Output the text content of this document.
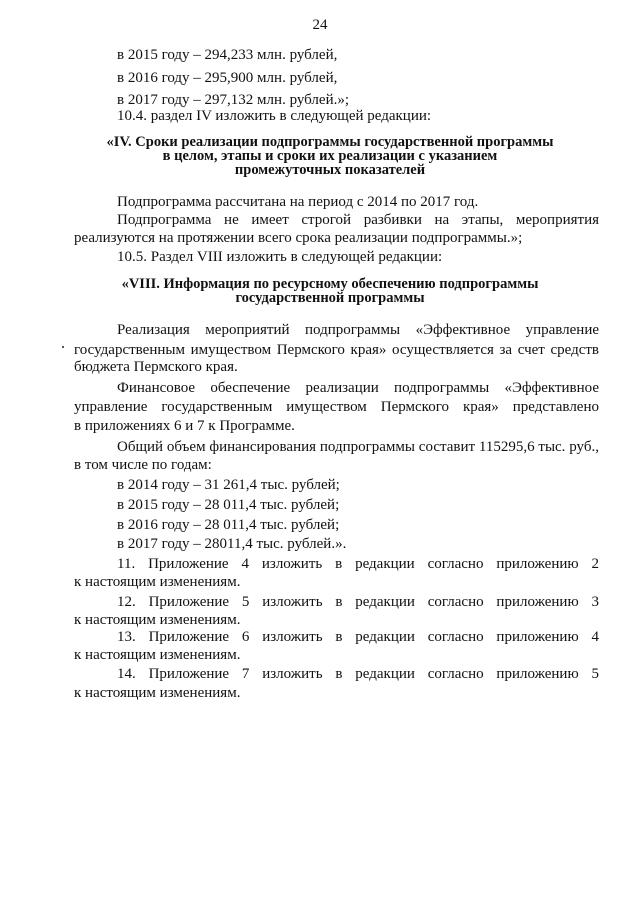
24
в 2015 году – 294,233 млн. рублей,
в 2016 году – 295,900 млн. рублей,
в 2017 году – 297,132 млн. рублей.»;
10.4. раздел IV изложить в следующей редакции:
«IV. Сроки реализации подпрограммы государственной программы
в целом, этапы и сроки их реализации с указанием
промежуточных показателей
Подпрограмма рассчитана на период с 2014 по 2017 год.
Подпрограмма не имеет строгой разбивки на этапы, мероприятия
реализуются на протяжении всего срока реализации подпрограммы.»;
10.5. Раздел VIII изложить в следующей редакции:
«VIII. Информация по ресурсному обеспечению подпрограммы
государственной программы
Реализация мероприятий подпрограммы «Эффективное управление
государственным имуществом Пермского края» осуществляется за счет средств
бюджета Пермского края.
Финансовое обеспечение реализации подпрограммы «Эффективное
управление государственным имуществом Пермского края» представлено
в приложениях 6 и 7 к Программе.
Общий объем финансирования подпрограммы составит 115295,6 тыс. руб.,
в том числе по годам:
в 2014 году – 31 261,4 тыс. рублей;
в 2015 году – 28 011,4 тыс. рублей;
в 2016 году – 28 011,4 тыс. рублей;
в 2017 году – 28011,4 тыс. рублей.».
11. Приложение 4 изложить в редакции согласно приложению 2
к настоящим изменениям.
12. Приложение 5 изложить в редакции согласно приложению 3
к настоящим изменениям.
13. Приложение 6 изложить в редакции согласно приложению 4
к настоящим изменениям.
14. Приложение 7 изложить в редакции согласно приложению 5
к настоящим изменениям.
